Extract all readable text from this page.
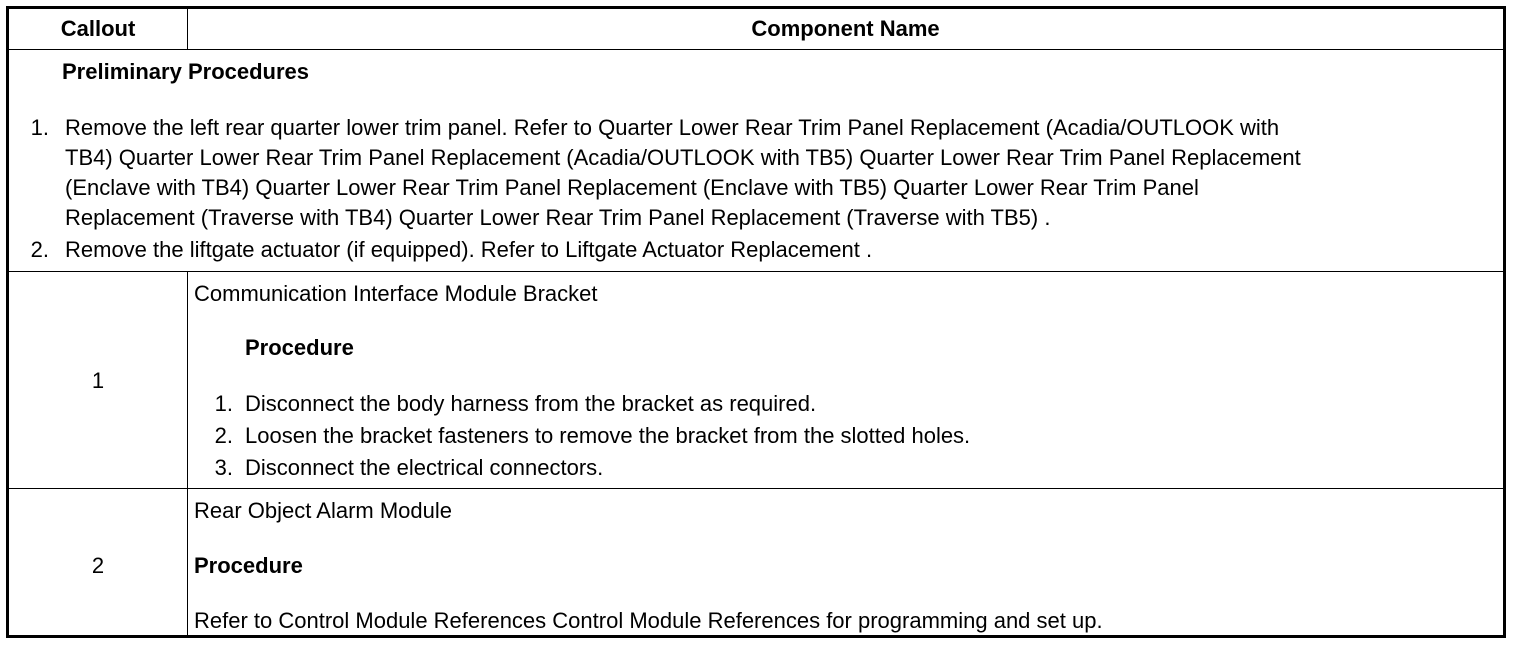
Callout	Component Name
Preliminary Procedures
1. Remove the left rear quarter lower trim panel. Refer to Quarter Lower Rear Trim Panel Replacement (Acadia/OUTLOOK with
TB4) Quarter Lower Rear Trim Panel Replacement (Acadia/OUTLOOK with TB5) Quarter Lower Rear Trim Panel Replacement
(Enclave with TB4) Quarter Lower Rear Trim Panel Replacement (Enclave with TB5) Quarter Lower Rear Trim Panel
Replacement (Traverse with TB4) Quarter Lower Rear Trim Panel Replacement (Traverse with TB5) .
2. Remove the liftgate actuator (if equipped). Refer to Liftgate Actuator Replacement .
1
Communication Interface Module Bracket
Procedure
1. Disconnect the body harness from the bracket as required.
2. Loosen the bracket fasteners to remove the bracket from the slotted holes.
3. Disconnect the electrical connectors.
2
Rear Object Alarm Module
Procedure
Refer to Control Module References Control Module References for programming and set up.
